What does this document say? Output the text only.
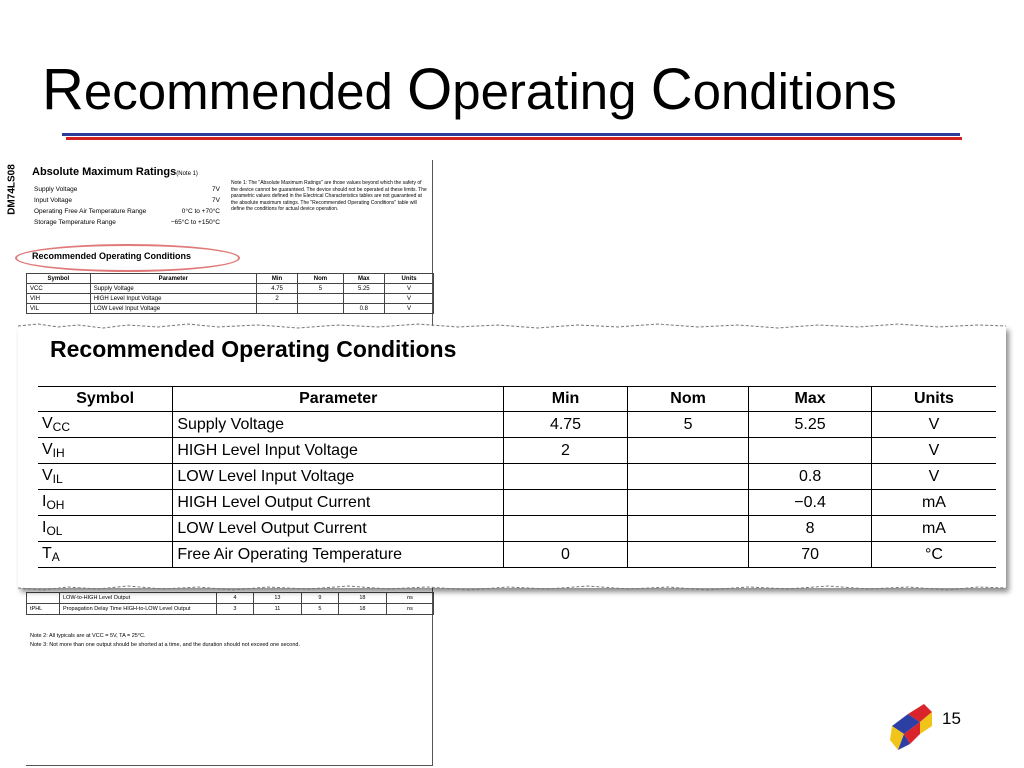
Recommended Operating Conditions
DM74LS08 Absolute Maximum Ratings(Note 1)
Supply Voltage	7V
Input Voltage	7V
Operating Free Air Temperature Range	0°C to +70°C
Storage Temperature Range	−65°C to +150°C
Note 1: The "Absolute Maximum Ratings" are those values beyond which the safety of the device cannot be guaranteed. The device should not be operated at these limits. The parametric values defined in the Electrical Characteristics tables are not guaranteed at the absolute maximum ratings. The "Recommended Operating Conditions" table will define the conditions for actual device operation.
Recommended Operating Conditions
Symbol	Parameter	Min	Nom	Max	Units
VCC	Supply Voltage	4.75	5	5.25	V
VIH	HIGH Level Input Voltage	2			V
VIL	LOW Level Input Voltage			0.8	V
	LOW-to-HIGH Level Output	4	13	9	18	ns
tPHL	Propagation Delay Time HIGH-to-LOW Level Output	3	11	5	18	ns
Note 2: All typicals are at VCC = 5V, TA = 25°C.
Note 3: Not more than one output should be shorted at a time, and the duration should not exceed one second.
Recommended Operating Conditions
Symbol	Parameter	Min	Nom	Max	Units
$V_{CC}$	Supply Voltage	4.75	5	5.25	V
$V_{IH}$	HIGH Level Input Voltage	2			V
$V_{IL}$	LOW Level Input Voltage			0.8	V
$I_{OH}$	HIGH Level Output Current			−0.4	mA
$I_{OL}$	LOW Level Output Current			8	mA
$T_A$	Free Air Operating Temperature	0		70	°C
15
